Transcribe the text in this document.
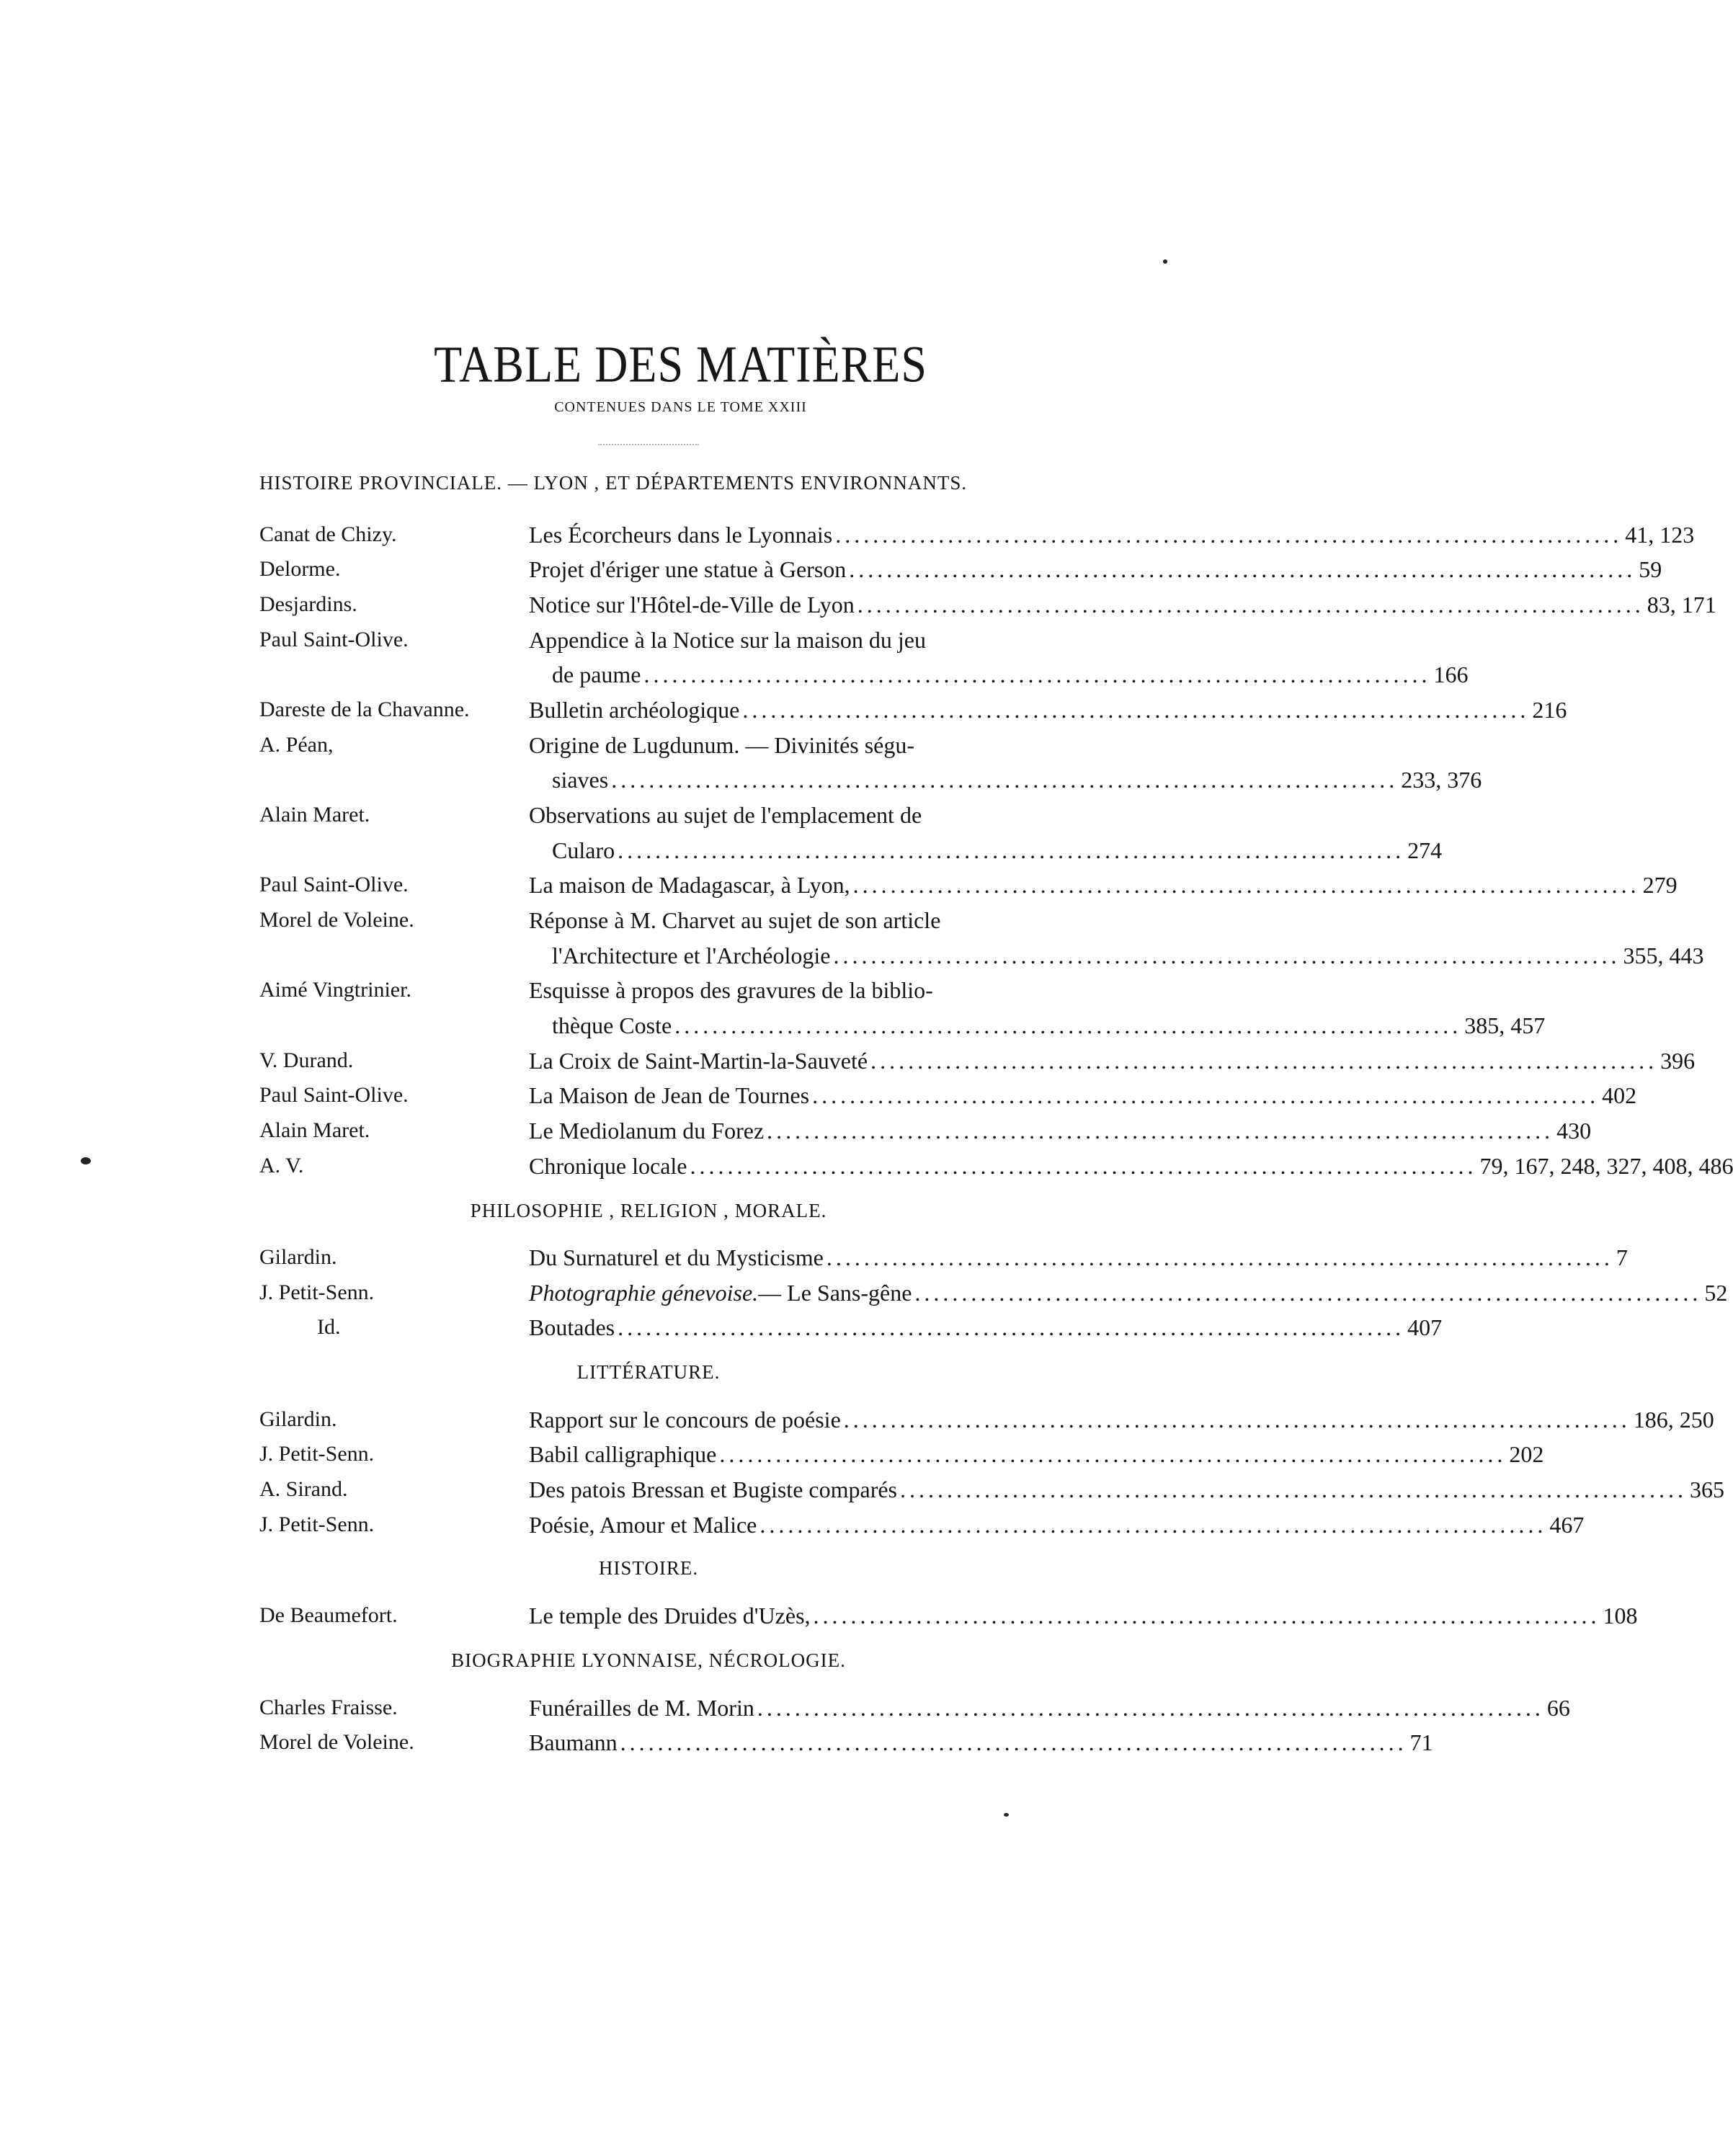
TABLE DES MATIÈRES
CONTENUES DANS LE TOME XXIII
HISTOIRE PROVINCIALE. — LYON , ET DÉPARTEMENTS ENVIRONNANTS.
Canat de Chizy.	Les Écorcheurs dans le Lyonnais .................................................................................... 41, 123
Delorme.	Projet d'ériger une statue à Gerson .................................................................................... 59
Desjardins.	Notice sur l'Hôtel-de-Ville de Lyon .................................................................................... 83, 171
Paul Saint-Olive.	Appendice à la Notice sur la maison du jeu
de paume .................................................................................... 166
Dareste de la Chavanne.	Bulletin archéologique .................................................................................... 216
A. Péan,	Origine de Lugdunum. — Divinités ségu-
siaves .................................................................................... 233, 376
Alain Maret.	Observations au sujet de l'emplacement de
Cularo .................................................................................... 274
Paul Saint-Olive.	La maison de Madagascar, à Lyon, .................................................................................... 279
Morel de Voleine.	Réponse à M. Charvet au sujet de son article
l'Architecture et l'Archéologie .................................................................................... 355, 443
Aimé Vingtrinier.	Esquisse à propos des gravures de la biblio-
thèque Coste .................................................................................... 385, 457
V. Durand.	La Croix de Saint-Martin-la-Sauveté .................................................................................... 396
Paul Saint-Olive.	La Maison de Jean de Tournes .................................................................................... 402
Alain Maret.	Le Mediolanum du Forez .................................................................................... 430
A. V.	Chronique locale .................................................................................... 79, 167, 248, 327, 408, 486
PHILOSOPHIE , RELIGION , MORALE.
Gilardin.	Du Surnaturel et du Mysticisme .................................................................................... 7
J. Petit-Senn.	Photographie génevoise. — Le Sans-gêne .................................................................................... 52
Id.	Boutades .................................................................................... 407
LITTÉRATURE.
Gilardin.	Rapport sur le concours de poésie .................................................................................... 186, 250
J. Petit-Senn.	Babil calligraphique .................................................................................... 202
A. Sirand.	Des patois Bressan et Bugiste comparés .................................................................................... 365
J. Petit-Senn.	Poésie, Amour et Malice .................................................................................... 467
HISTOIRE.
De Beaumefort.	Le temple des Druides d'Uzès, .................................................................................... 108
BIOGRAPHIE LYONNAISE, NÉCROLOGIE.
Charles Fraisse.	Funérailles de M. Morin .................................................................................... 66
Morel de Voleine.	Baumann .................................................................................... 71
